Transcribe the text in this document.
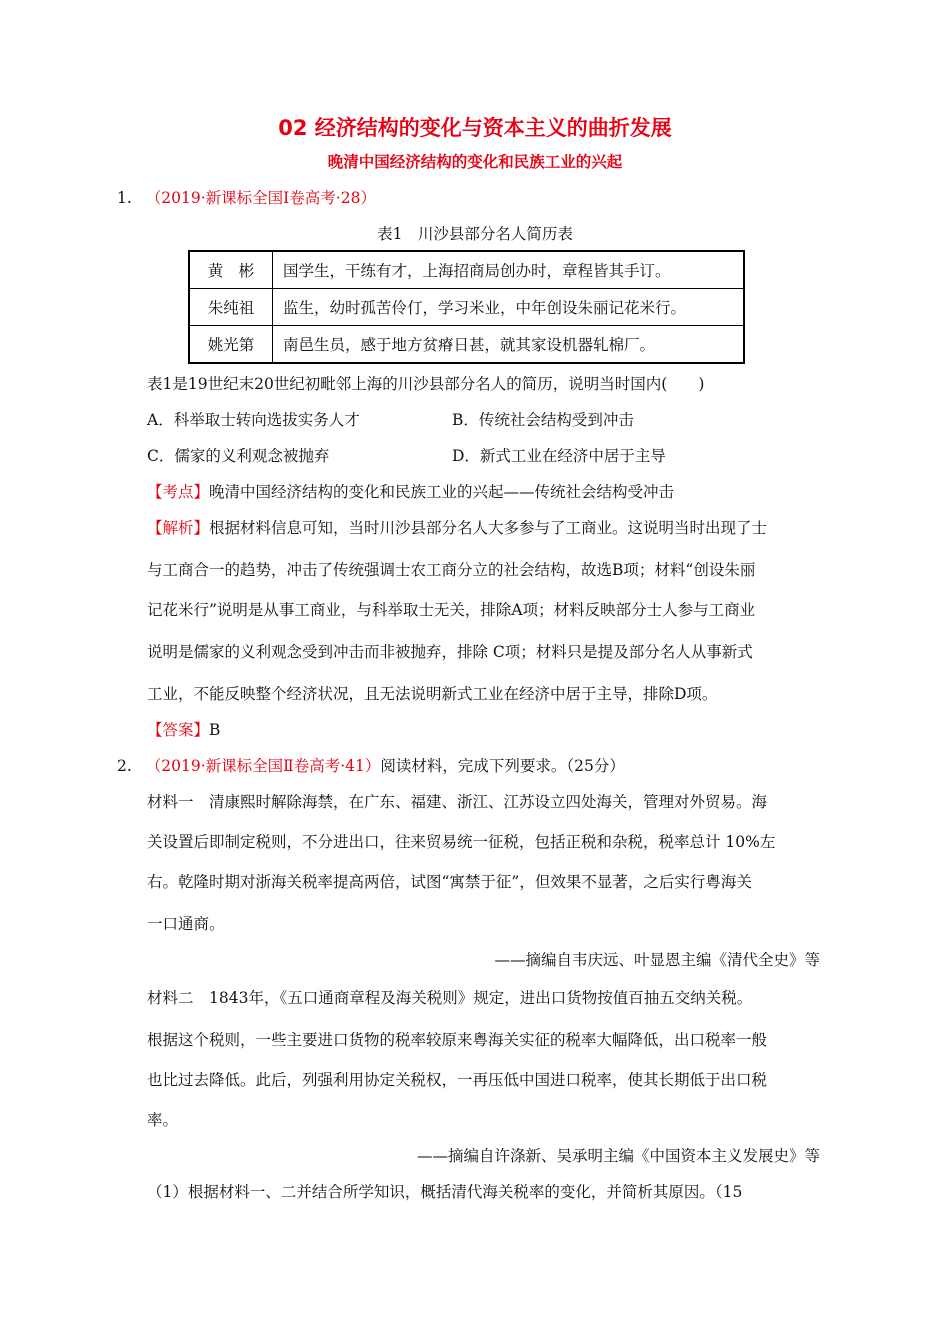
02 经济结构的变化与资本主义的曲折发展
晚清中国经济结构的变化和民族工业的兴起
1. （2019·新课标全国Ⅰ卷高考·28）
表1　川沙县部分名人简历表
黄　彬	国学生，干练有才，上海招商局创办时，章程皆其手订。
朱纯祖	监生，幼时孤苦伶仃，学习米业，中年创设朱丽记花米行。
姚光第	南邑生员，感于地方贫瘠日甚，就其家设机器轧棉厂。
表1是19世纪末20世纪初毗邻上海的川沙县部分名人的简历，说明当时国内(　　)
A．科举取士转向选拔实务人才	B．传统社会结构受到冲击
C．儒家的义利观念被抛弃	D．新式工业在经济中居于主导
【考点】晚清中国经济结构的变化和民族工业的兴起——传统社会结构受冲击
【解析】根据材料信息可知，当时川沙县部分名人大多参与了工商业。这说明当时出现了士
与工商合一的趋势，冲击了传统强调士农工商分立的社会结构，故选B项；材料“创设朱丽
记花米行”说明是从事工商业，与科举取士无关，排除A项；材料反映部分士人参与工商业
说明是儒家的义利观念受到冲击而非被抛弃，排除 C项；材料只是提及部分名人从事新式
工业，不能反映整个经济状况，且无法说明新式工业在经济中居于主导，排除D项。
【答案】B
2. （2019·新课标全国Ⅱ卷高考·41）阅读材料，完成下列要求。（25分）
材料一　清康熙时解除海禁，在广东、福建、浙江、江苏设立四处海关，管理对外贸易。海
关设置后即制定税则，不分进出口，往来贸易统一征税，包括正税和杂税，税率总计 10%左
右。乾隆时期对浙海关税率提高两倍，试图“寓禁于征”，但效果不显著，之后实行粤海关
一口通商。
——摘编自韦庆远、叶显恩主编《清代全史》等
材料二　1843年，《五口通商章程及海关税则》规定，进出口货物按值百抽五交纳关税。
根据这个税则，一些主要进口货物的税率较原来粤海关实征的税率大幅降低，出口税率一般
也比过去降低。此后，列强利用协定关税权，一再压低中国进口税率，使其长期低于出口税
率。
——摘编自许涤新、吴承明主编《中国资本主义发展史》等
（1）根据材料一、二并结合所学知识，概括清代海关税率的变化，并简析其原因。（15
